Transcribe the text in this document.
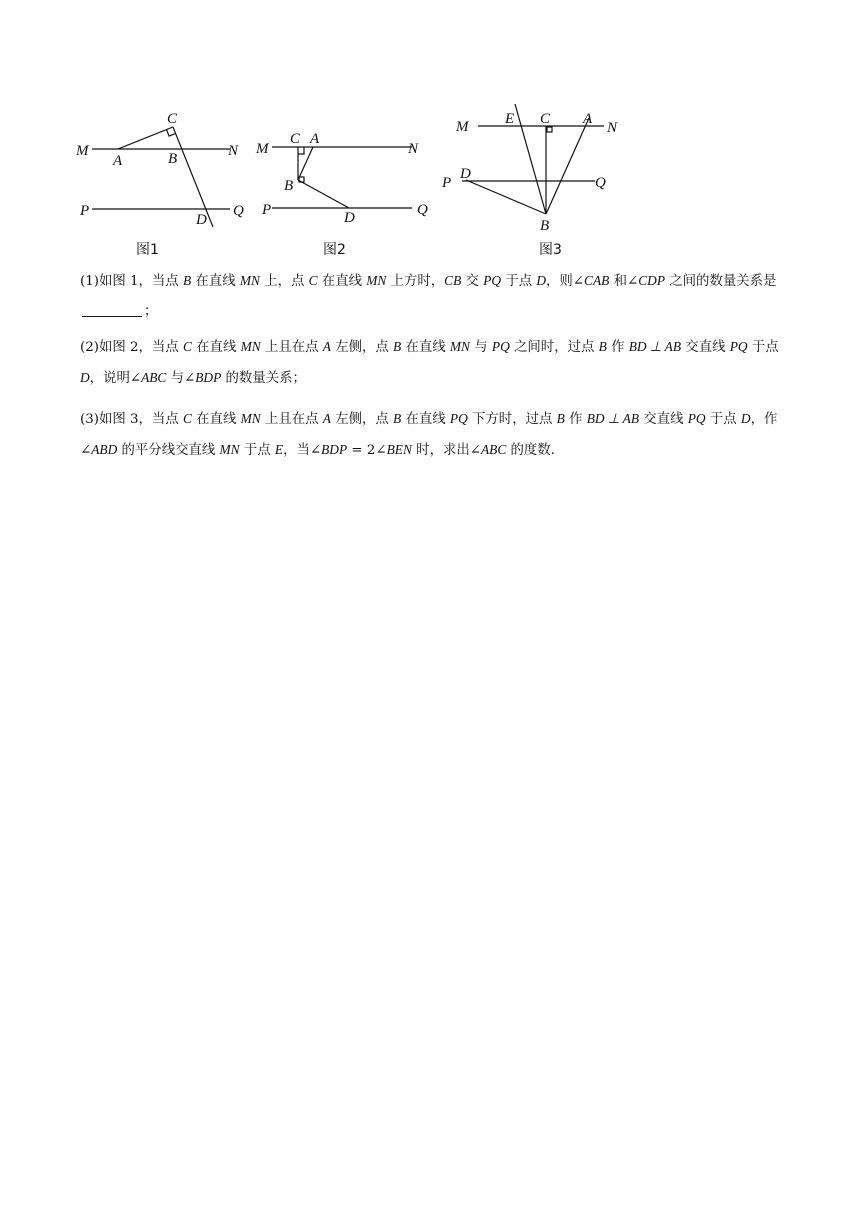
C
M
A	B	N
P
D
Q
图1
C A
M	N
B
P	D	Q
图2
M E C A
N
P
D
Q
B
图3
(1)如图 1，当点 B 在直线 MN 上，点 C 在直线 MN 上方时，CB 交 PQ 于点 D，则∠CAB 和∠CDP 之间的数量关系是；
(2)如图 2，当点 C 在直线 MN 上且在点 A 左侧，点 B 在直线 MN 与 PQ 之间时，过点 B 作 BD ⊥ AB 交直线 PQ 于点 D，说明∠ABC 与∠BDP 的数量关系；
(3)如图 3，当点 C 在直线 MN 上且在点 A 左侧，点 B 在直线 PQ 下方时，过点 B 作 BD ⊥ AB 交直线 PQ 于点 D，作∠ABD 的平分线交直线 MN 于点 E，当∠BDP = 2∠BEN 时，求出∠ABC 的度数.
